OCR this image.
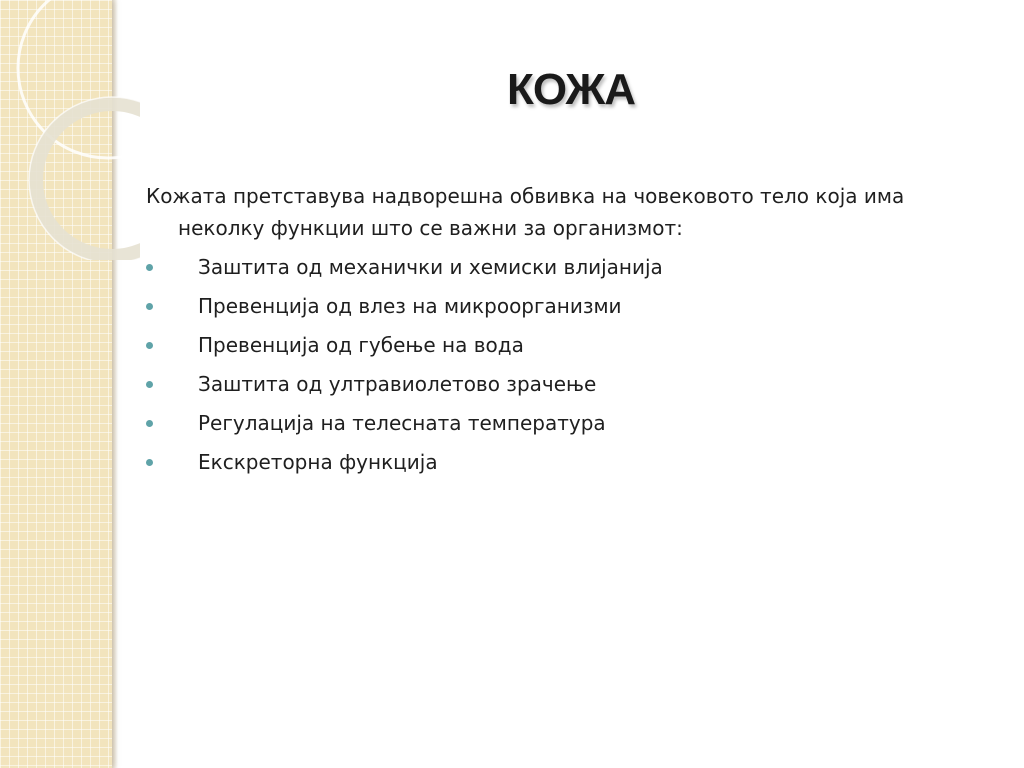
КОЖА

Кожата претставува надворешна обвивка на човековото тело која има неколку функции што се важни за организмот:

Заштита од механички и хемиски влијанија
Превенција од влез на микроорганизми
Превенција од губење на вода
Заштита од ултравиолетово зрачење
Регулација на телесната температура
Екскреторна функција
